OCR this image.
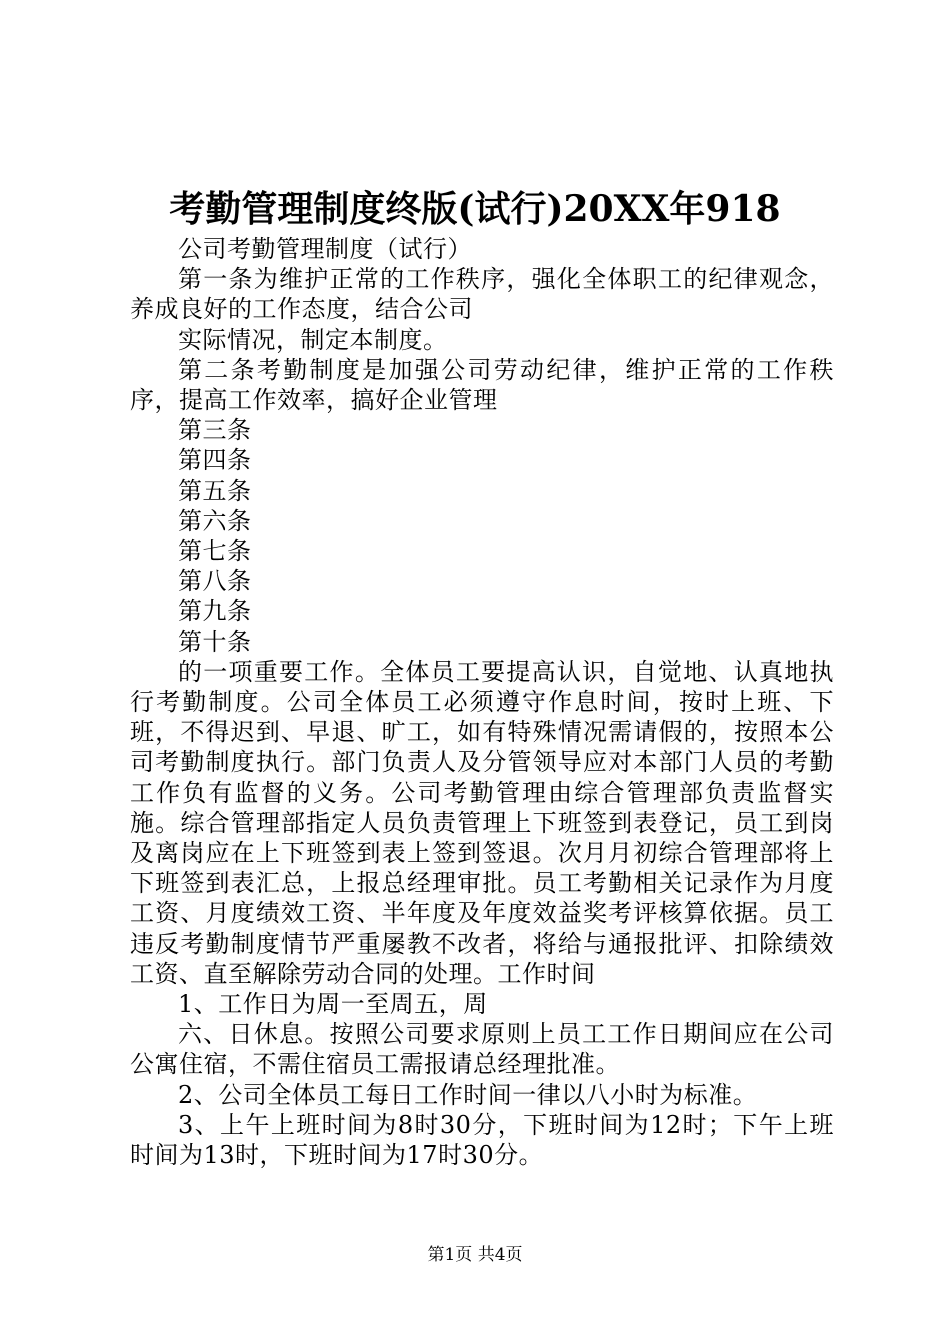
考勤管理制度终版(试行)20XX年918

公司考勤管理制度（试行）

第一条为维护正常的工作秩序，强化全体职工的纪律观念，养成良好的工作态度，结合公司

实际情况，制定本制度。

第二条考勤制度是加强公司劳动纪律，维护正常的工作秩序，提高工作效率，搞好企业管理

第三条

第四条

第五条

第六条

第七条

第八条

第九条

第十条

的一项重要工作。全体员工要提高认识，自觉地、认真地执行考勤制度。公司全体员工必须遵守作息时间，按时上班、下班，不得迟到、早退、旷工，如有特殊情况需请假的，按照本公司考勤制度执行。部门负责人及分管领导应对本部门人员的考勤工作负有监督的义务。公司考勤管理由综合管理部负责监督实施。综合管理部指定人员负责管理上下班签到表登记，员工到岗及离岗应在上下班签到表上签到签退。次月月初综合管理部将上下班签到表汇总，上报总经理审批。员工考勤相关记录作为月度工资、月度绩效工资、半年度及年度效益奖考评核算依据。员工违反考勤制度情节严重屡教不改者，将给与通报批评、扣除绩效工资、直至解除劳动合同的处理。工作时间

1、工作日为周一至周五，周

六、日休息。按照公司要求原则上员工工作日期间应在公司公寓住宿，不需住宿员工需报请总经理批准。

2、公司全体员工每日工作时间一律以八小时为标准。

3、上午上班时间为8时30分，下班时间为12时；下午上班时间为13时，下班时间为17时30分。

第1页 共4页
